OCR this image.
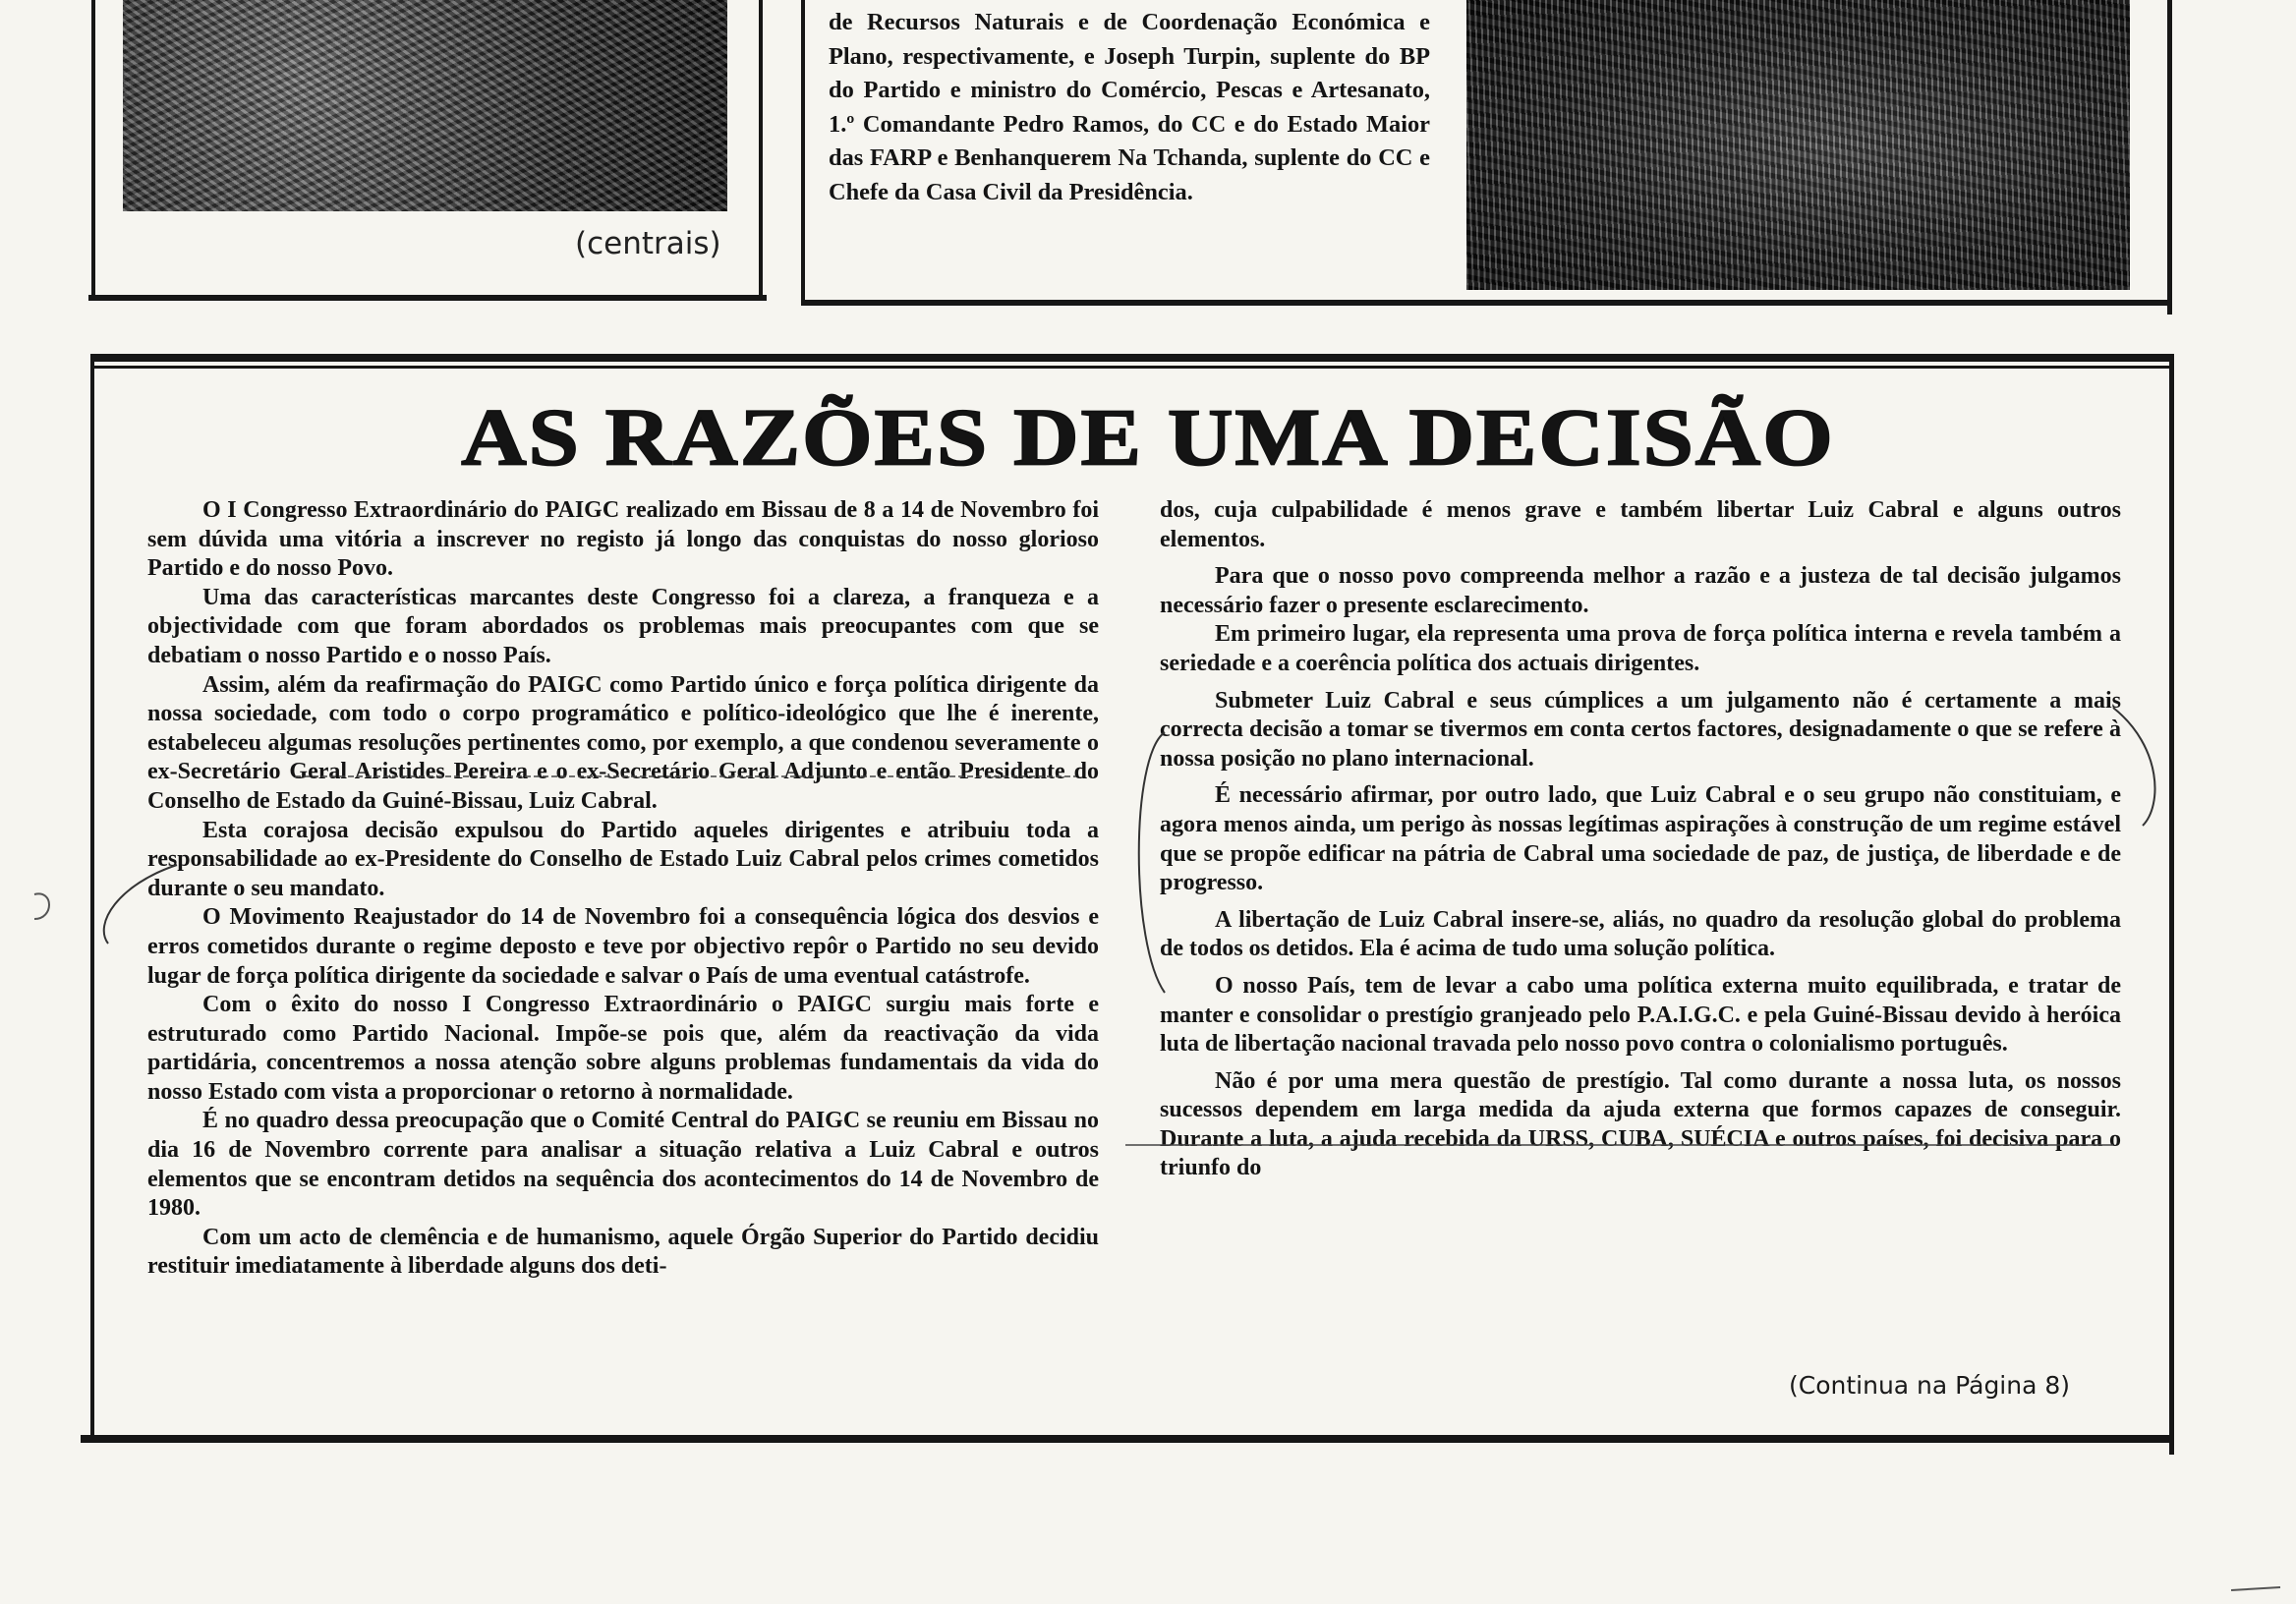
(centrais)

de Recursos Naturais e de Coordenação Económica e Plano, respectivamente, e Joseph Turpin, suplente do BP do Partido e ministro do Comércio, Pescas e Artesanato, 1.º Comandante Pedro Ramos, do CC e do Estado Maior das FARP e Benhanquerem Na Tchanda, suplente do CC e Chefe da Casa Civil da Presidência.

AS RAZÕES DE UMA DECISÃO

O I Congresso Extraordinário do PAIGC realizado em Bissau de 8 a 14 de Novembro foi sem dúvida uma vitória a inscrever no registo já longo das conquistas do nosso glorioso Partido e do nosso Povo.

Uma das características marcantes deste Congresso foi a clareza, a franqueza e a objectividade com que foram abordados os problemas mais preocupantes com que se debatiam o nosso Partido e o nosso País.

Assim, além da reafirmação do PAIGC como Partido único e força política dirigente da nossa sociedade, com todo o corpo programático e político-ideológico que lhe é inerente, estabeleceu algumas resoluções pertinentes como, por exemplo, a que condenou severamente o ex-Secretário Geral Aristides Pereira e o ex-Secretário Geral Adjunto e então Presidente do Conselho de Estado da Guiné-Bissau, Luiz Cabral.

Esta corajosa decisão expulsou do Partido aqueles dirigentes e atribuiu toda a responsabilidade ao ex-Presidente do Conselho de Estado Luiz Cabral pelos crimes cometidos durante o seu mandato.

O Movimento Reajustador do 14 de Novembro foi a consequência lógica dos desvios e erros cometidos durante o regime deposto e teve por objectivo repôr o Partido no seu devido lugar de força política dirigente da sociedade e salvar o País de uma eventual catástrofe.

Com o êxito do nosso I Congresso Extraordinário o PAIGC surgiu mais forte e estruturado como Partido Nacional. Impõe-se pois que, além da reactivação da vida partidária, concentremos a nossa atenção sobre alguns problemas fundamentais da vida do nosso Estado com vista a proporcionar o retorno à normalidade.

É no quadro dessa preocupação que o Comité Central do PAIGC se reuniu em Bissau no dia 16 de Novembro corrente para analisar a situação relativa a Luiz Cabral e outros elementos que se encontram detidos na sequência dos acontecimentos do 14 de Novembro de 1980.

Com um acto de clemência e de humanismo, aquele Órgão Superior do Partido decidiu restituir imediatamente à liberdade alguns dos deti-

dos, cuja culpabilidade é menos grave e também libertar Luiz Cabral e alguns outros elementos.

Para que o nosso povo compreenda melhor a razão e a justeza de tal decisão julgamos necessário fazer o presente esclarecimento.

Em primeiro lugar, ela representa uma prova de força política interna e revela também a seriedade e a coerência política dos actuais dirigentes.

Submeter Luiz Cabral e seus cúmplices a um julgamento não é certamente a mais correcta decisão a tomar se tivermos em conta certos factores, designadamente o que se refere à nossa posição no plano internacional.

É necessário afirmar, por outro lado, que Luiz Cabral e o seu grupo não constituiam, e agora menos ainda, um perigo às nossas legítimas aspirações à construção de um regime estável que se propõe edificar na pátria de Cabral uma sociedade de paz, de justiça, de liberdade e de progresso.

A libertação de Luiz Cabral insere-se, aliás, no quadro da resolução global do problema de todos os detidos. Ela é acima de tudo uma solução política.

O nosso País, tem de levar a cabo uma política externa muito equilibrada, e tratar de manter e consolidar o prestígio granjeado pelo P.A.I.G.C. e pela Guiné-Bissau devido à heróica luta de libertação nacional travada pelo nosso povo contra o colonialismo português.

Não é por uma mera questão de prestígio. Tal como durante a nossa luta, os nossos sucessos dependem em larga medida da ajuda externa que formos capazes de conseguir. Durante a luta, a ajuda recebida da URSS, CUBA, SUÉCIA e outros países, foi decisiva para o triunfo do

(Continua na Página 8)
